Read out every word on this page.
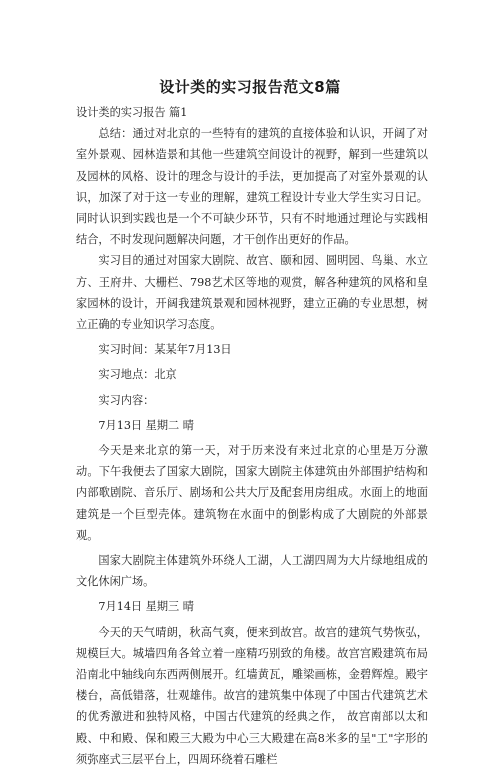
设计类的实习报告范文8篇

设计类的实习报告 篇1

总结：通过对北京的一些特有的建筑的直接体验和认识，开阔了对室外景观、园林造景和其他一些建筑空间设计的视野，解到一些建筑以及园林的风格、设计的理念与设计的手法，更加提高了对室外景观的认识，加深了对于这一专业的理解，建筑工程设计专业大学生实习日记。同时认识到实践也是一个不可缺少环节，只有不时地通过理论与实践相结合，不时发现问题解决问题，才干创作出更好的作品。

实习目的通过对国家大剧院、故宫、颐和园、圆明园、鸟巢、水立方、王府井、大栅栏、798艺术区等地的观赏，解各种建筑的风格和皇家园林的设计，开阔我建筑景观和园林视野，建立正确的专业思想，树立正确的专业知识学习态度。

实习时间：某某年7月13日

实习地点：北京

实习内容：

7月13日 星期二 晴

今天是来北京的第一天，对于历来没有来过北京的心里是万分激动。下午我便去了国家大剧院，国家大剧院主体建筑由外部围护结构和内部歌剧院、音乐厅、剧场和公共大厅及配套用房组成。水面上的地面建筑是一个巨型壳体。建筑物在水面中的倒影构成了大剧院的外部景观。

国家大剧院主体建筑外环绕人工湖，人工湖四周为大片绿地组成的文化休闲广场。

7月14日 星期三 晴

今天的天气晴朗，秋高气爽，便来到故宫。故宫的建筑气势恢弘，规模巨大。城墙四角各耸立着一座精巧别致的角楼。故宫宫殿建筑布局沿南北中轴线向东西两侧展开。红墙黄瓦，雕梁画栋，金碧辉煌。殿宇楼台，高低错落，壮观雄伟。故宫的建筑集中体现了中国古代建筑艺术的优秀激进和独特风格，中国古代建筑的经典之作， 故宫南部以太和殿、中和殿、保和殿三大殿为中心三大殿建在高8米多的呈"工"字形的须弥座式三层平台上，四周环绕着石雕栏
